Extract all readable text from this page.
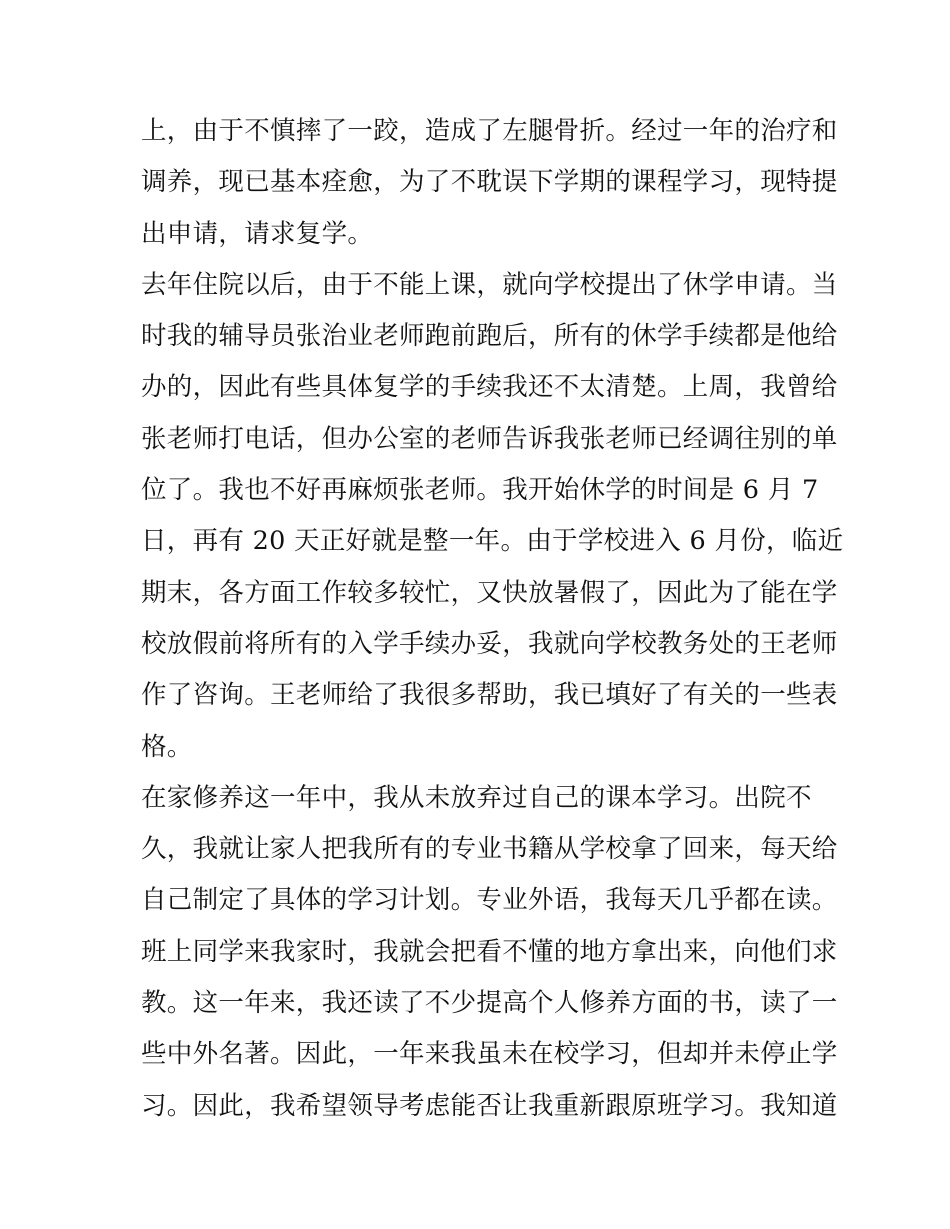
上，由于不慎摔了一跤，造成了左腿骨折。经过一年的治疗和
调养，现已基本痊愈，为了不耽误下学期的课程学习，现特提
出申请，请求复学。
去年住院以后，由于不能上课，就向学校提出了休学申请。当
时我的辅导员张治业老师跑前跑后，所有的休学手续都是他给
办的，因此有些具体复学的手续我还不太清楚。上周，我曾给
张老师打电话，但办公室的老师告诉我张老师已经调往别的单
位了。我也不好再麻烦张老师。我开始休学的时间是 6 月 7
日，再有 20 天正好就是整一年。由于学校进入 6 月份，临近
期末，各方面工作较多较忙，又快放暑假了，因此为了能在学
校放假前将所有的入学手续办妥，我就向学校教务处的王老师
作了咨询。王老师给了我很多帮助，我已填好了有关的一些表
格。
在家修养这一年中，我从未放弃过自己的课本学习。出院不
久，我就让家人把我所有的专业书籍从学校拿了回来，每天给
自己制定了具体的学习计划。专业外语，我每天几乎都在读。
班上同学来我家时，我就会把看不懂的地方拿出来，向他们求
教。这一年来，我还读了不少提高个人修养方面的书，读了一
些中外名著。因此，一年来我虽未在校学习，但却并未停止学
习。因此，我希望领导考虑能否让我重新跟原班学习。我知道
